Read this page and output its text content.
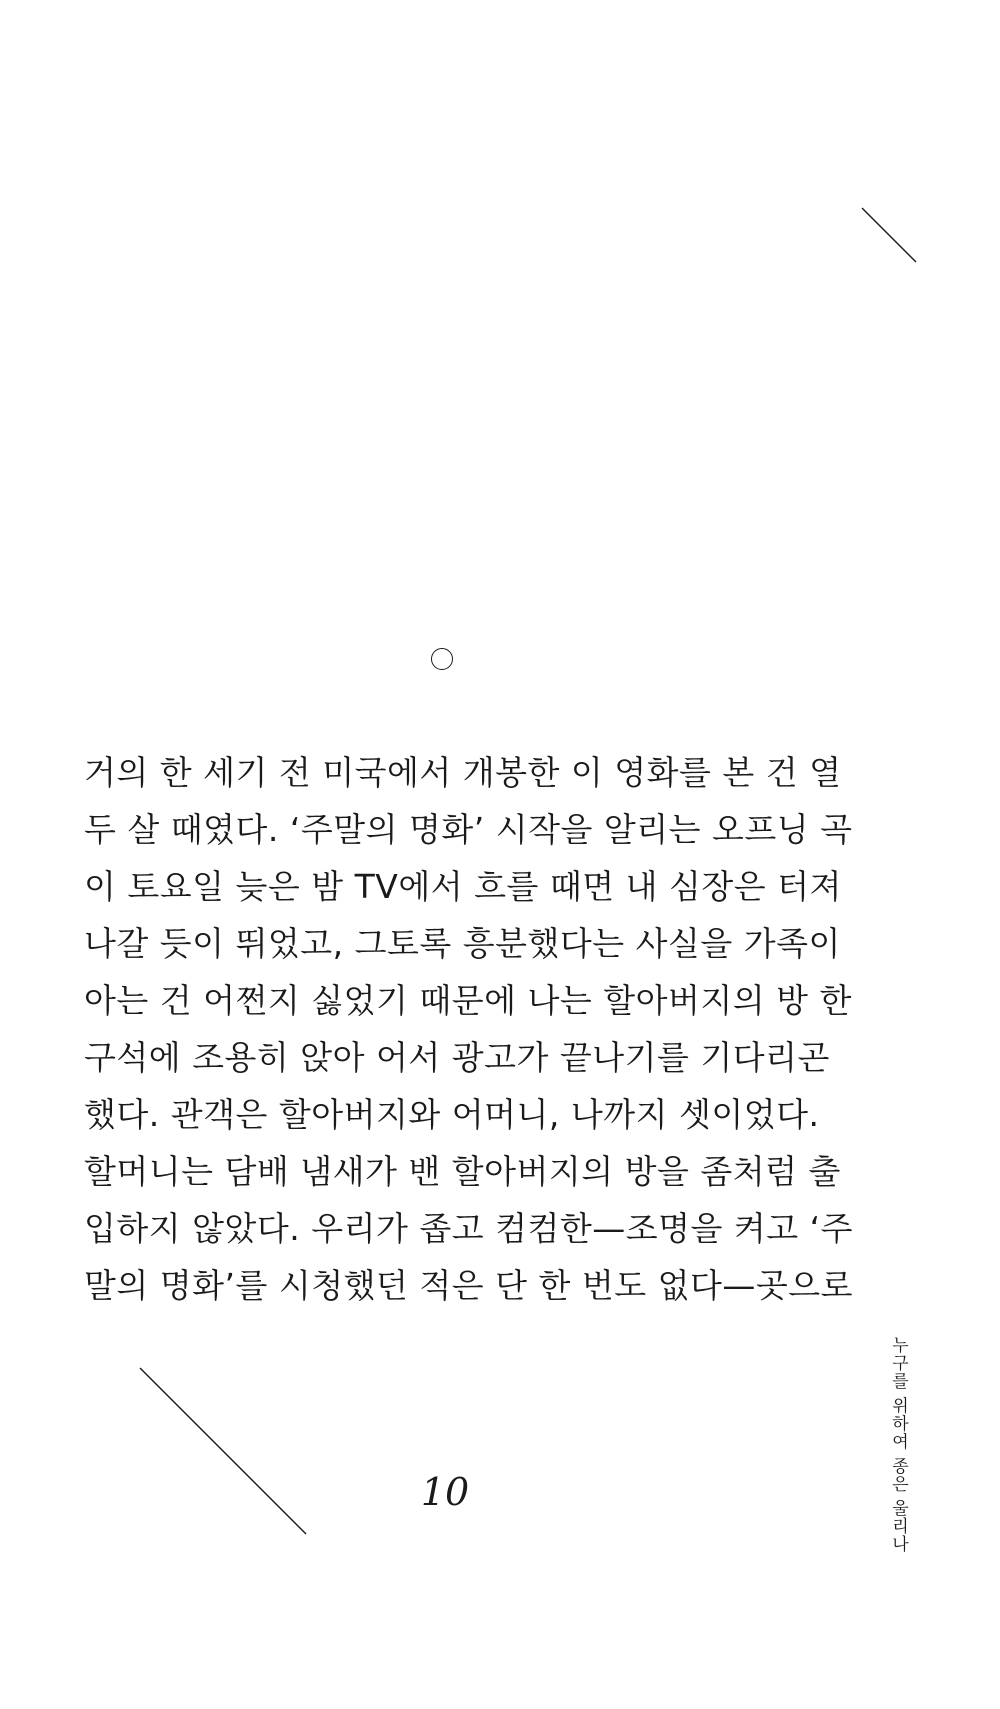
거의 한 세기 전 미국에서 개봉한 이 영화를 본 건 열
두 살 때였다. ‘주말의 명화’ 시작을 알리는 오프닝 곡
이 토요일 늦은 밤 TV에서 흐를 때면 내 심장은 터져
나갈 듯이 뛰었고, 그토록 흥분했다는 사실을 가족이
아는 건 어쩐지 싫었기 때문에 나는 할아버지의 방 한
구석에 조용히 앉아 어서 광고가 끝나기를 기다리곤
했다. 관객은 할아버지와 어머니, 나까지 셋이었다.
할머니는 담배 냄새가 밴 할아버지의 방을 좀처럼 출
입하지 않았다. 우리가 좁고 컴컴한—조명을 켜고 ‘주
말의 명화’를 시청했던 적은 단 한 번도 없다—곳으로
10	누구를 위하여 종은 울리나
